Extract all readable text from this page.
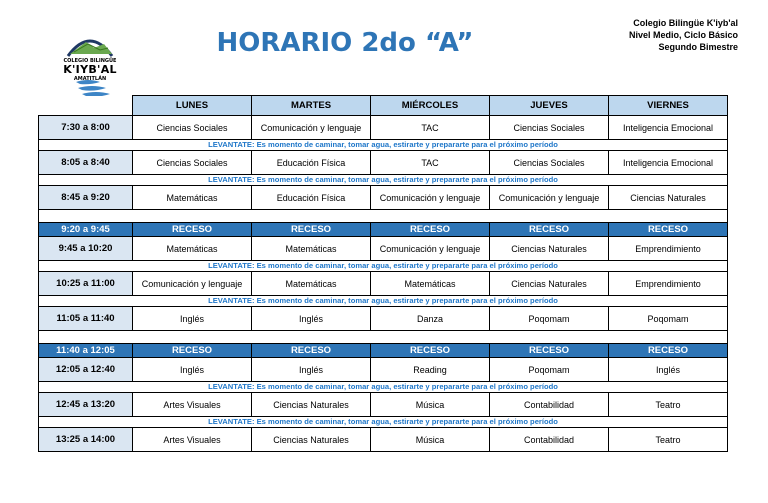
COLEGIO BILINGÜE
K'IYB'AL
AMATITLÁN
HORARIO 2do “A”
Colegio Bilingüe K'iyb'al
Nivel Medio, Ciclo Básico
Segundo Bimestre
	LUNES	MARTES	MIÉRCOLES	JUEVES	VIERNES
7:30 a 8:00	Ciencias Sociales	Comunicación y lenguaje	TAC	Ciencias Sociales	Inteligencia Emocional
LEVANTATE: Es momento de caminar, tomar agua, estirarte y prepararte para el próximo período					
8:05 a 8:40	Ciencias Sociales	Educación Física	TAC	Ciencias Sociales	Inteligencia Emocional
LEVANTATE: Es momento de caminar, tomar agua, estirarte y prepararte para el próximo período					
8:45 a 9:20	Matemáticas	Educación Física	Comunicación y lenguaje	Comunicación y lenguaje	Ciencias Naturales

9:20 a 9:45	RECESO	RECESO	RECESO	RECESO	RECESO
9:45 a 10:20	Matemáticas	Matemáticas	Comunicación y lenguaje	Ciencias Naturales	Emprendimiento
LEVANTATE: Es momento de caminar, tomar agua, estirarte y prepararte para el próximo período					
10:25 a 11:00	Comunicación y lenguaje	Matemáticas	Matemáticas	Ciencias Naturales	Emprendimiento
LEVANTATE: Es momento de caminar, tomar agua, estirarte y prepararte para el próximo período					
11:05 a 11:40	Inglés	Inglés	Danza	Poqomam	Poqomam

11:40 a 12:05	RECESO	RECESO	RECESO	RECESO	RECESO
12:05 a 12:40	Inglés	Inglés	Reading	Poqomam	Inglés
LEVANTATE: Es momento de caminar, tomar agua, estirarte y prepararte para el próximo período					
12:45 a 13:20	Artes Visuales	Ciencias Naturales	Música	Contabilidad	Teatro
LEVANTATE: Es momento de caminar, tomar agua, estirarte y prepararte para el próximo período					
13:25 a 14:00	Artes Visuales	Ciencias Naturales	Música	Contabilidad	Teatro
